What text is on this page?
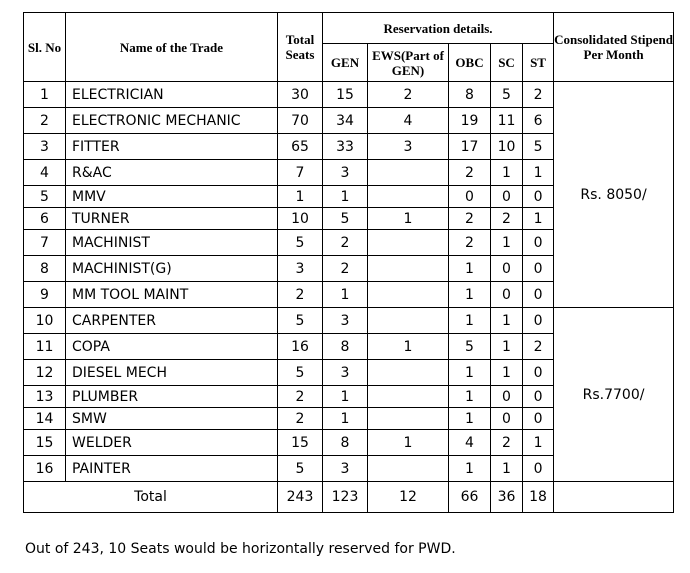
Sl. No	Name of the Trade	Total Seats	Reservation details.					Consolidated Stipend Per Month
			GEN	EWS(Part of GEN)	OBC	SC	ST	
1	ELECTRICIAN	30	15	2	8	5	2	Rs. 8050/
2	ELECTRONIC MECHANIC	70	34	4	19	11	6	
3	FITTER	65	33	3	17	10	5	
4	R&AC	7	3		2	1	1	
5	MMV	1	1		0	0	0	
6	TURNER	10	5	1	2	2	1	
7	MACHINIST	5	2		2	1	0	
8	MACHINIST(G)	3	2		1	0	0	
9	MM TOOL MAINT	2	1		1	0	0	
10	CARPENTER	5	3		1	1	0	Rs.7700/
11	COPA	16	8	1	5	1	2	
12	DIESEL MECH	5	3		1	1	0	
13	PLUMBER	2	1		1	0	0	
14	SMW	2	1		1	0	0	
15	WELDER	15	8	1	4	2	1	
16	PAINTER	5	3		1	1	0	
Total		243	123	12	66	36	18	
Out of 243, 10 Seats would be horizontally reserved for PWD.
